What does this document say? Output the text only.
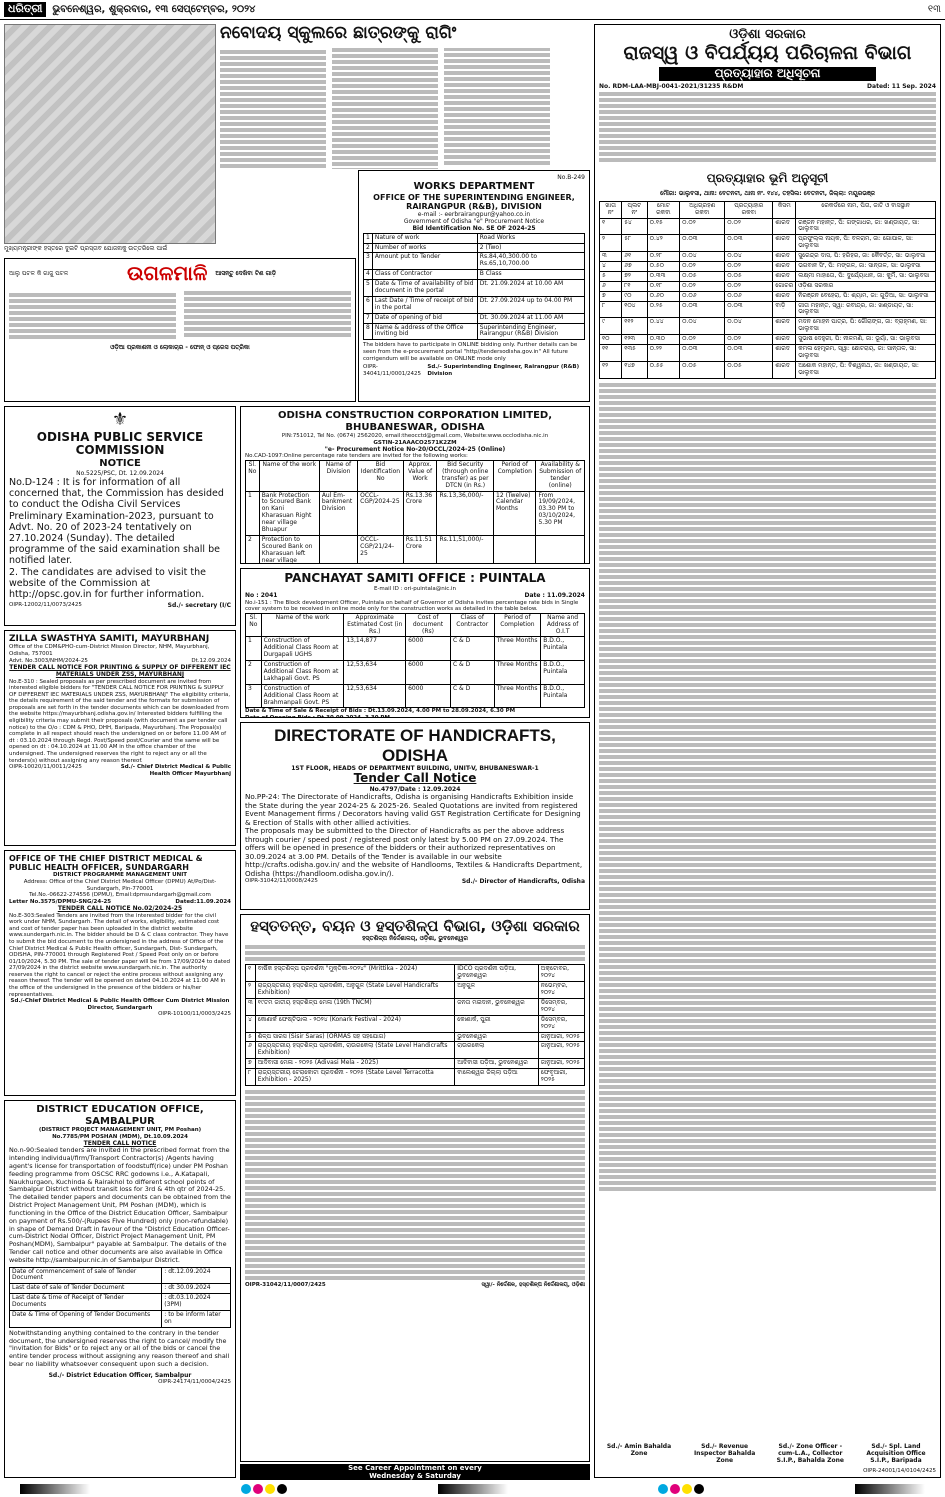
ଧରିତ୍ରୀ	ଭୁବନେଶ୍ୱର, ଶୁକ୍ରବାର, ୧୩ ସେପ୍ଟେମ୍ବର, ୨୦୨୪	୧୩
ମୁଖ୍ୟମନ୍ତ୍ରୀଙ୍କ ହସ୍ତରେ ଦୁଇଟି ପ୍ରସ୍ତାବ ଯୋଜନାକୁ ଉତ୍ତରିଲେ ପାଇଁ
ନବୋଦୟ ସ୍କୁଲରେ ଛାତ୍ରଙ୍କୁ ରାଗିଂ
ଆଲୁ ପଟଳ କି ଗାଜୁ ପଟଳ	ଉଗଳମାଳି ଆସନ୍ତୁ ଦେଖିବା ଟିଣ ଗାଡ଼ି
ଓଡ଼ିଆ ପ୍ରକାଶନୀ ଓ ଲୋକାଚାର - ଫୋନ୍ ଓ ପ୍ରେସ ପତ୍ରିକା
No.B-249
WORKS DEPARTMENT
OFFICE OF THE SUPERINTENDING ENGINEER, RAIRANGPUR (R&B), DIVISION
e-mail :- eerbrairangpur@yahoo.co.in
Government of Odisha "e" Procurement Notice
Bid Identification No. SE OF 2024-25
1	Nature of work	Road Works
2	Number of works	2 (Two)
3	Amount put to Tender	Rs.84,40,300.00 to Rs.65,10,700.00
4	Class of Contractor	B Class
5	Date & Time of availability of bid document in the portal	Dt. 21.09.2024 at 10.00 AM
6	Last Date / Time of receipt of bid in the portal	Dt. 27.09.2024 up to 04.00 PM
7	Date of opening of bid	Dt. 30.09.2024 at 11.00 AM
8	Name & address of the Office inviting bid	Superintending Engineer, Rairangpur (R&B) Division
The bidders have to participate in ONLINE bidding only. Further details can be seen from the e-procurement portal "http//tendersodisha.gov.in" All future corrigendum will be available on ONLINE mode only
OIPR-34041/11/0001/2425
Sd./- Superintending Engineer, Rairangpur (R&B) Division
⚜
ODISHA PUBLIC SERVICE COMMISSION
NOTICE
No.5225/PSC, Dt. 12.09.2024
No.D-124 : It is for information of all concerned that, the Commission has desided to conduct the Odisha Civil Services Preliminary Examination-2023, pursuant to Advt. No. 20 of 2023-24 tentatively on 27.10.2024 (Sunday). The detailed programme of the said examination shall be notified later.
2. The candidates are advised to visit the website of the Commission at http://opsc.gov.in for further information.
OIPR-12002/11/0073/2425	Sd./- secretary (I/C
ODISHA CONSTRUCTION CORPORATION LIMITED, BHUBANESWAR, ODISHA
PIN:751012, Tel No. (0674) 2562020, email:theocctd@gmail.com, Website:www.occlodisha.nic.in
GSTIN-21AAACO2571K2ZM
"e- Procurement Notice No-20/OCCL/2024-25 (Online)
No.CAD-1097:Online percentage rate tenders are invited for the following works:
Sl. No	Name of the work	Name of Division	Bid Identification No	Approx. Value of Work	Bid Security (through online transfer) as per DTCN (in Rs.)	Period of Completion	Availability & Submission of tender (online)
1	Bank Protection to Scoured Bank on Kani Kharasuan Right near village Bhuapur	Aul Em-bankment Division	OCCL-CGP/2024-25	Rs.13.36 Crore	Rs.13,36,000/-	12 (Twelve) Calendar Months	From 19/09/2024, 03.30 PM to 03/10/2024, 5.30 PM
2	Protection to Scoured Bank on Kharasuan left near village		OCCL-CGP/21/24-25	Rs.11.51 Crore	Rs.11,51,000/-		

PANCHAYAT SAMITI OFFICE : PUINTALA
E-mail ID : ori-puintala@nic.in
No : 2041	Date : 11.09.2024
No.i-151 : The Block development Officer, Puintala on behalf of Governor of Odisha invites percentage rate bids in Single cover system to be received in online mode only for the construction works as detailed in the table below.
Sl. No	Name of the work	Approximate Estimated Cost (in Rs.)	Cost of document (Rs)	Class of Contractor	Period of Completion	Name and Address of O.I.T
1	Construction of Additional Class Room at Durgapali UGHS	13,14,877	6000	C & D	Three Months	B.D.O., Puintala
2	Construction of Additional Class Room at Lakhapali Govt. PS	12,53,634	6000	C & D	Three Months	B.D.O., Puintala
3	Construction of Additional Class Room at Brahmanpali Govt. PS	12,53,634	6000	C & D	Three Months	B.D.O., Puintala
Date & Time of Sale & Receipt of Bids : Dt.13.09.2024, 4.00 PM to 28.09.2024, 6.30 PM
ZILLA SWASTHYA SAMITI, MAYURBHANJ
Office of the CDM&PHO-cum-District Mission Director, NHM, Mayurbhanj, Odisha, 757001
Advt. No.3003/NHM/2024-25	Dt.12.09.2024
TENDER CALL NOTICE FOR PRINTING & SUPPLY OF DIFFERENT IEC MATERIALS UNDER ZSS, MAYURBHANJ
No.E-310 : Sealed proposals as per prescribed document are invited from interested eligible bidders for "TENDER CALL NOTICE FOR PRINTING & SUPPLY OF DIFFERENT IEC MATERIALS UNDER ZSS, MAYURBHANJ" The eligibility criteria, the details requirement of the said tender and the formats for submission of proposals are set forth in the tender documents which can be downloaded from the website https://mayurbhanj.odisha.gov.in/ Interested bidders fulfilling the eligibility criteria may submit their proposals (with document as per tender call notice) to the O/o : CDM & PHO, DHH, Baripada, Mayurbhanj. The Proposal(s) complete in all respect should reach the undersigned on or before 11.00 AM of dt : 03.10.2024 through Regd. Post/Speed post/Courier and the same will be opened on dt : 04.10.2024 at 11.00 AM in the office chamber of the undersigned. The undersigned reserves the right to reject any or all the tenders(s) without assigning any reason thereof.
OIPR-10020/11/0011/2425	Sd./- Chief District Medical & Public Health Officer Mayurbhanj
DIRECTORATE OF HANDICRAFTS, ODISHA
1ST FLOOR, HEADS OF DEPARTMENT BUILDING, UNIT-V, BHUBANESWAR-1
Tender Call Notice
No.4797/Date : 12.09.2024
No.PP-24: The Directorate of Handicrafts, Odisha is organising Handicrafts Exhibition inside the State during the year 2024-25 & 2025-26. Sealed Quotations are invited from registered Event Management firms / Decorators having valid GST Registration Certificate for Designing & Erection of Stalls with other allied activities.
The proposals may be submitted to the Director of Handicrafts as per the above address through courier / speed post / registered post only latest by 5.00 PM on 27.09.2024. The offers will be opened in presence of the bidders or their authorized representatives on 30.09.2024 at 3.00 PM. Details of the Tender is available in our website http://crafts.odisha.gov.in/ and the website of Handlooms, Textiles & Handicrafts Department, Odisha (https://handloom.odisha.gov.in/).
OIPR-31042/11/0008/2425	Sd./- Director of Handicrafts, Odisha
OFFICE OF THE CHIEF DISTRICT MEDICAL & PUBLIC HEALTH OFFICER, SUNDARGARH
DISTRICT PROGRAMME MANAGEMENT UNIT
Address: Office of the Chief District Medical Officer (DPMU) At/Po/Dist-Sundargarh, Pin-770001
Tel.No.-06622-274556 (DPMU), Email:dpmsundargarh@gmail.com
Letter No.3575/DPMU-SNG/24-25	Dated:11.09.2024
TENDER CALL NOTICE No.02/2024-25
No.E-303:Sealed Tenders are invited from the interested bidder for the civil work under NHM, Sundargarh. The detail of works, eligibility, estimated cost and cost of tender paper has been uploaded in the district website www.sundergarh.nic.in. The bidder should be D & C class contractor. They have to submit the bid document to the undersigned in the address of Office of the Chief District Medical & Public Health officer, Sundargarh, Dist- Sundargarh, ODISHA, PIN-770001 through Registered Post / Speed Post only on or before 01/10/2024, 5.30 PM. The sale of tender paper will be from 17/09/2024 to dated 27/09/2024 in the district website www.sundargarh.nic.in. The authority reserves the right to cancel or reject the entire process without assigning any reason thereof. The tender will be opened on dated 04.10.2024 at 11.00 AM in the office of the undersigned in the presence of the bidders or his/her representatives.
Sd./-Chief District Medical & Public Health Officer Cum District Mission Director, Sundargarh
OIPR-10100/11/0003/2425
ହସ୍ତତନ୍ତ, ବୟନ ଓ ହସ୍ତଶିଳ୍ପ ବିଭାଗ, ଓଡ଼ିଶା ସରକାର
ହସ୍ତଶିଳ୍ପ ନିର୍ଦ୍ଦେଶାଳୟ, ଓଡ଼ିଶା, ଭୁବନେଶ୍ୱର
୧	ବାର୍ଷିକ ହସ୍ତଶିଳ୍ପ ପ୍ରଦର୍ଶନୀ "ମୁକ୍ତିକା-୨୦୨୪" (Mrittika - 2024)	IDCO ପ୍ରଦର୍ଶନୀ ପଡ଼ିଆ, ଭୁବନେଶ୍ୱର	ଅକ୍ଟୋବର, ୨୦୨୪
୨	ରାଜ୍ୟସ୍ତରୀୟ ହସ୍ତଶିଳ୍ପ ପ୍ରଦର୍ଶନୀ, ଅନୁଗୁଳ (State Level Handicrafts Exhibition)	ଅନୁଗୁଳ	ନଭେମ୍ବର, ୨୦୨୪
୩	୧୯ତମ ଜାତୀୟ ହସ୍ତଶିଳ୍ପ ମେଳା (19th TNCM)	ଜନତା ମଇଦାନ, ଭୁବନେଶ୍ୱର	ଡିସେମ୍ବର, ୨୦୨୪
୪	କୋଣାର୍କ ଫେଷ୍ଟିଭାଲ - ୨୦୨୪ (Konark Festival - 2024)	କୋଣାର୍କ, ପୁରୀ	ଡିସେମ୍ବର, ୨୦୨୪
୫	ଶିଳ୍ପ ସାରସ (Sisir Saras) (ORMAS ସହ ସହଯୋଗ)	ଭୁବନେଶ୍ୱର	ଜାନୁଆରୀ, ୨୦୨୫
୬	ରାଜ୍ୟସ୍ତରୀୟ ହସ୍ତଶିଳ୍ପ ପ୍ରଦର୍ଶନୀ, ରାଉରକେଲା (State Level Handicrafts Exhibition)	ରାଉରକେଲା	ଜାନୁଆରୀ, ୨୦୨୫
୭	ଆଦିବାସୀ ମେଳା - ୨୦୨୫ (Adivasi Mela - 2025)	ଆଦିବାସୀ ପଡ଼ିଆ, ଭୁବନେଶ୍ୱର	ଜାନୁଆରୀ, ୨୦୨୫
୮	ରାଜ୍ୟସ୍ତରୀୟ ଟେରାକୋଟା ପ୍ରଦର୍ଶନୀ - ୨୦୨୫ (State Level Terracotta Exhibition - 2025)	ବାଲେଶ୍ୱର ଜିଲ୍ଲା ପଡ଼ିଆ	ଫେବୃଆରୀ, ୨୦୨୫
OIPR-31042/11/0007/2425	ସ୍ୱା/- ନିର୍ଦ୍ଦେଶକ, ହସ୍ତଶିଳ୍ପ ନିର୍ଦ୍ଦେଶାଳୟ, ଓଡ଼ିଶା
See Career Appointment on every
Wednesday & Saturday
DISTRICT EDUCATION OFFICE, SAMBALPUR
(DISTRICT PROJECT MANAGEMENT UNIT, PM Poshan)
No.7785/PM POSHAN (MDM), Dt.10.09.2024
TENDER CALL NOTICE
No.n-90:Sealed tenders are invited in the prescribed format from the intending individual/firm/Transport Contractor(s) /Agents having agent's license for transportation of foodstuff(rice) under PM Poshan feeding programme from OSCSC RRC godowns i.e., A.Katapali, Naukhurgaon, Kuchinda & Rairakhol to different school points of Sambalpur District without transit loss for 3rd & 4th qtr of 2024-25. The detailed tender papers and documents can be obtained from the District Project Management Unit, PM Poshan (MDM), which is functioning in the Office of the District Education Officer, Sambalpur on payment of Rs.500/-(Rupees Five Hundred) only (non-refundable) in shape of Demand Draft in favour of the "District Education Officer-cum-District Nodal Officer, District Project Management Unit, PM Poshan(MDM), Sambalpur" payable at Sambalpur. The details of the Tender call notice and other documents are also available in Office website http://sambalpur.nic.in of Sambalpur District.
Date of commencement of sale of Tender Document	: dt.12.09.2024
Last date of sale of Tender Document	: dt 30.09.2024
Last date & time of Receipt of Tender Documents	: dt.03.10.2024 (3PM)
Date & Time of Opening of Tender Documents	: to be inform later on
Notwithstanding anything contained to the contrary in the tender document, the undersigned reserves the right to cancel/ modify the "invitation for Bids" or to reject any or all of the bids or cancel the entire tender process without assigning any reason thereof and shall bear no liability whatsoever consequent upon such a decision.
Sd./- District Education Officer, Sambalpur
OIPR-24174/11/0004/2425
ଓଡ଼ିଶା ସରକାର
ରାଜସ୍ୱ ଓ ବିପର୍ଯ୍ୟୟ ପରିଚାଳନା ବିଭାଗ
ପ୍ରତ୍ୟାହାର ଅଧିସୂଚନା
No. RDM-LAA-MBJ-0041-2021/31235 R&DM	Dated: 11 Sep. 2024
ପ୍ରତ୍ୟାହାର ଭୂମି ଅନୁସୂଚୀ
ମୌଜା: ଭାଲୁବସା, ଥାନା: ବେତନଟୀ, ଥାନା ନଂ. ୧୪୪, ତହସିଲ: ବେତନଟୀ, ଜିଲ୍ଲା: ମୟୂରଭଞ୍ଜ
ଖାତା ନଂ	ପ୍ଲଟ ନଂ	ମୋଟ ରକବା	ଅଧିଗ୍ରହଣ ରକବା	ପ୍ରତ୍ୟାହାର ରକବା	କିସମ	ରେକର୍ଡରେ ନାମ, ପିତା, ଜାତି ଓ ବାସସ୍ଥାନ
୧	୫୪	୦.୧୫	୦.୦୨	୦.୦୨	ଶାରଦ	ରଞ୍ଜନ ମହାନ୍ତ, ପି: ଗଙ୍ଗାଧର, ଜା: ଖଣ୍ଡାୟତ, ସା: ଭାଲୁବସା
୨	୫୮	୦.୪୨	୦.୦୩	୦.୦୩	ଶାରଦ	ପ୍ରଫୁଲ୍ଲ ନାୟକ, ପି: ବଳରାମ, ଜା: ଗୋପାଳ, ସା: ଭାଲୁବସା
୩	୬୧	୦.୨୮	୦.୦୪	୦.୦୪	ଶାରଦ	ସୁରେନ୍ଦ୍ର ଦାସ, ପି: ହରିହର, ଜା: କୈବର୍ତ୍ତ, ସା: ଭାଲୁବସା
୪	୬୭	୦.୫୦	୦.୦୨	୦.୦୨	ଶାରଦ	ଭଗବାନ ସିଂ, ପି: ମଙ୍ଗଳ, ଜା: ସାନ୍ତାଳ, ସା: ଭାଲୁବସା
୫	୭୨	୦.୩୩	୦.୦୫	୦.୦୫	ଶାରଦ	ଲକ୍ଷ୍ମୀ ମାହାତୋ, ପି: ଦୁର୍ଯ୍ୟୋଧନ, ଜା: କୁର୍ମି, ସା: ଭାଲୁବସା
୬	୮୧	୦.୧୮	୦.୦୨	୦.୦୨	ଗୋଚର	ଓଡ଼ିଶା ସରକାର
୭	୯୦	୦.୬୦	୦.୦୬	୦.୦୬	ଶାରଦ	ନିରଞ୍ଜନ ବେହେରା, ପି: ଶ୍ୟାମ, ଜା: ଗୁଡ଼ିଆ, ସା: ଭାଲୁବସା
୮	୧୦୪	୦.୨୫	୦.୦୩	୦.୦୩	ବାଡ଼ି	ଗୀତା ମହାନ୍ତ, ସ୍ୱା: ରବୀନ୍ଦ୍ର, ଜା: ଖଣ୍ଡାୟତ, ସା: ଭାଲୁବସା
୯	୧୧୨	୦.୪୪	୦.୦୪	୦.୦୪	ଶାରଦ	ମଦନ ମୋହନ ପାତ୍ର, ପି: ଗୌରାଙ୍ଗ, ଜା: ବ୍ରାହ୍ମଣ, ସା: ଭାଲୁବସା
୧୦	୧୨୩	୦.୩୦	୦.୦୨	୦.୦୨	ଶାରଦ	ସୁଭାଷ ଦେହୁରୀ, ପି: ନୀଳମଣି, ଜା: ଭୂୟାଁ, ସା: ଭାଲୁବସା
୧୧	୧୩୫	୦.୨୨	୦.୦୩	୦.୦୩	ଶାରଦ	କମଳା ହେମ୍ବ୍ରମ, ସ୍ୱା: ଛୋଟରାୟ, ଜା: ସାନ୍ତାଳ, ସା: ଭାଲୁବସା
୧୨	୧୪୭	୦.୫୫	୦.୦୫	୦.୦୫	ଶାରଦ	ଅଶୋକ ମହାନ୍ତ, ପି: ବିଶ୍ୱନାଥ, ଜା: ଖଣ୍ଡାୟତ, ସା: ଭାଲୁବସା
Sd./- Amin Bahalda Zone
Sd./- Revenue Inspector Bahalda Zone
Sd./- Zone Officer -cum-L.A., Collector S.I.P., Bahalda Zone
Sd./- Spl. Land Acquisition Office S.I.P., Baripada
OIPR-24001/14/0104/2425
